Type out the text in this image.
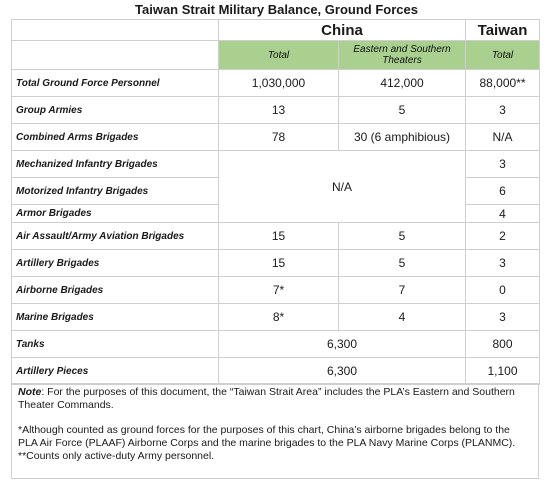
Taiwan Strait Military Balance, Ground Forces
	China		Taiwan
	Total	Eastern and Southern Theaters	Total
Total Ground Force Personnel	1,030,000	412,000	88,000**
Group Armies	13	5	3
Combined Arms Brigades	78	30 (6 amphibious)	N/A
Mechanized Infantry Brigades	N/A		3
Motorized Infantry Brigades			6
Armor Brigades			4
Air Assault/Army Aviation Brigades	15	5	2
Artillery Brigades	15	5	3
Airborne Brigades	7*	7	0
Marine Brigades	8*	4	3
Tanks	6,300		800
Artillery Pieces	6,300		1,100

Note: For the purposes of this document, the “Taiwan Strait Area” includes the PLA’s Eastern and Southern Theater Commands.

*Although counted as ground forces for the purposes of this chart, China’s airborne brigades belong to the PLA Air Force (PLAAF) Airborne Corps and the marine brigades to the PLA Navy Marine Corps (PLANMC).

**Counts only active-duty Army personnel.
